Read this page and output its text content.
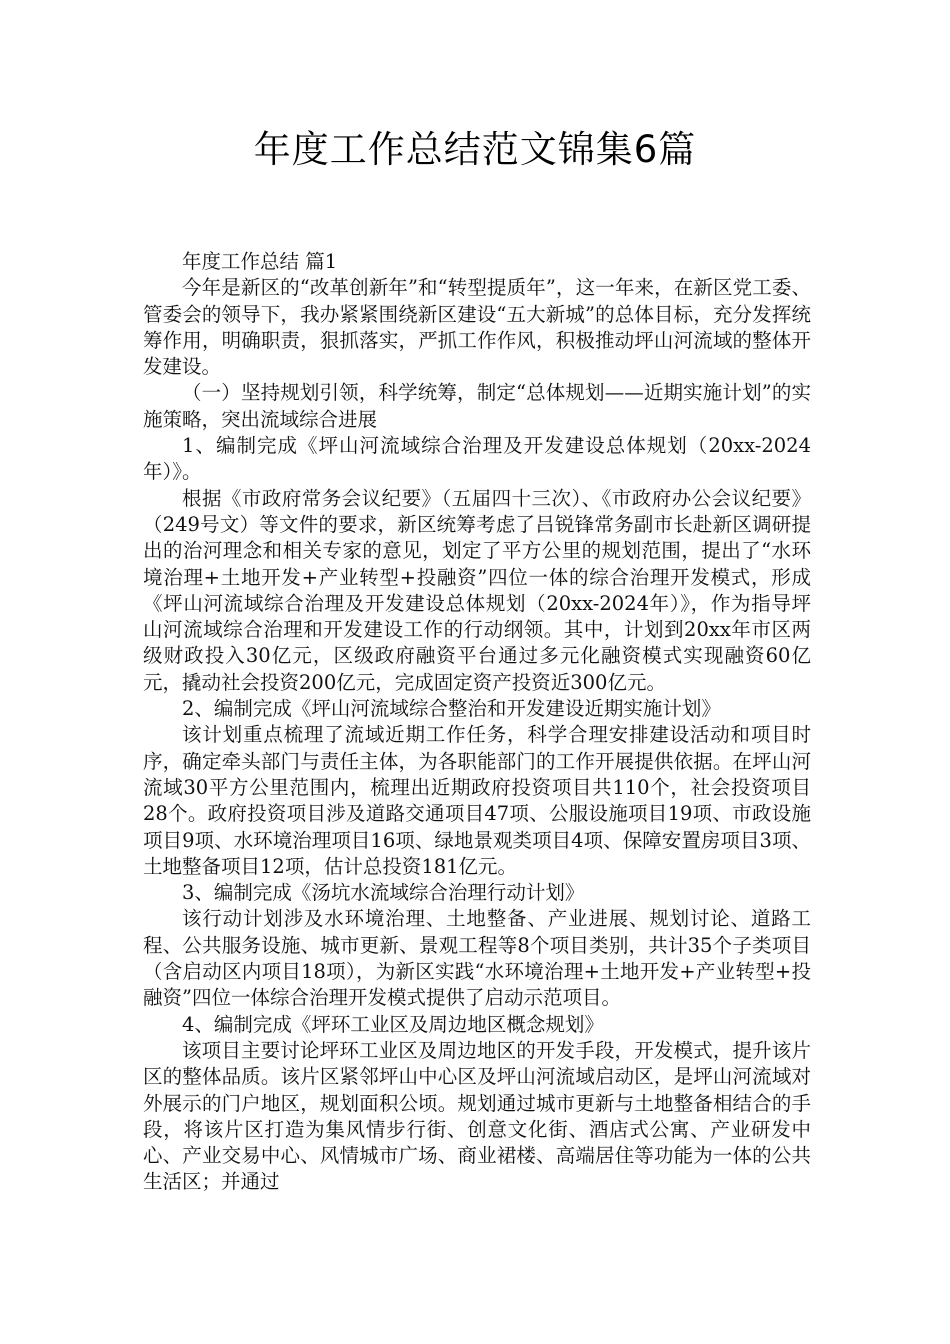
年度工作总结范文锦集6篇

年度工作总结 篇1

今年是新区的“改革创新年”和“转型提质年”，这一年来，在新区党工委、管委会的领导下，我办紧紧围绕新区建设“五大新城”的总体目标，充分发挥统筹作用，明确职责，狠抓落实，严抓工作作风，积极推动坪山河流域的整体开发建设。

（一）坚持规划引领，科学统筹，制定“总体规划——近期实施计划”的实施策略，突出流域综合进展

1、编制完成《坪山河流域综合治理及开发建设总体规划（20xx-2024年）》。

根据《市政府常务会议纪要》（五届四十三次）、《市政府办公会议纪要》（249号文）等文件的要求，新区统筹考虑了吕锐锋常务副市长赴新区调研提出的治河理念和相关专家的意见，划定了平方公里的规划范围，提出了“水环境治理+土地开发+产业转型+投融资”四位一体的综合治理开发模式，形成《坪山河流域综合治理及开发建设总体规划（20xx-2024年）》，作为指导坪山河流域综合治理和开发建设工作的行动纲领。其中，计划到20xx年市区两级财政投入30亿元，区级政府融资平台通过多元化融资模式实现融资60亿元，撬动社会投资200亿元，完成固定资产投资近300亿元。

2、编制完成《坪山河流域综合整治和开发建设近期实施计划》

该计划重点梳理了流域近期工作任务，科学合理安排建设活动和项目时序，确定牵头部门与责任主体，为各职能部门的工作开展提供依据。在坪山河流域30平方公里范围内，梳理出近期政府投资项目共110个，社会投资项目28个。政府投资项目涉及道路交通项目47项、公服设施项目19项、市政设施项目9项、水环境治理项目16项、绿地景观类项目4项、保障安置房项目3项、土地整备项目12项，估计总投资181亿元。

3、编制完成《汤坑水流域综合治理行动计划》

该行动计划涉及水环境治理、土地整备、产业进展、规划讨论、道路工程、公共服务设施、城市更新、景观工程等8个项目类别，共计35个子类项目（含启动区内项目18项），为新区实践“水环境治理+土地开发+产业转型+投融资”四位一体综合治理开发模式提供了启动示范项目。

4、编制完成《坪环工业区及周边地区概念规划》

该项目主要讨论坪环工业区及周边地区的开发手段，开发模式，提升该片区的整体品质。该片区紧邻坪山中心区及坪山河流域启动区，是坪山河流域对外展示的门户地区，规划面积公顷。规划通过城市更新与土地整备相结合的手段，将该片区打造为集风情步行街、创意文化街、酒店式公寓、产业研发中心、产业交易中心、风情城市广场、商业裙楼、高端居住等功能为一体的公共生活区；并通过
